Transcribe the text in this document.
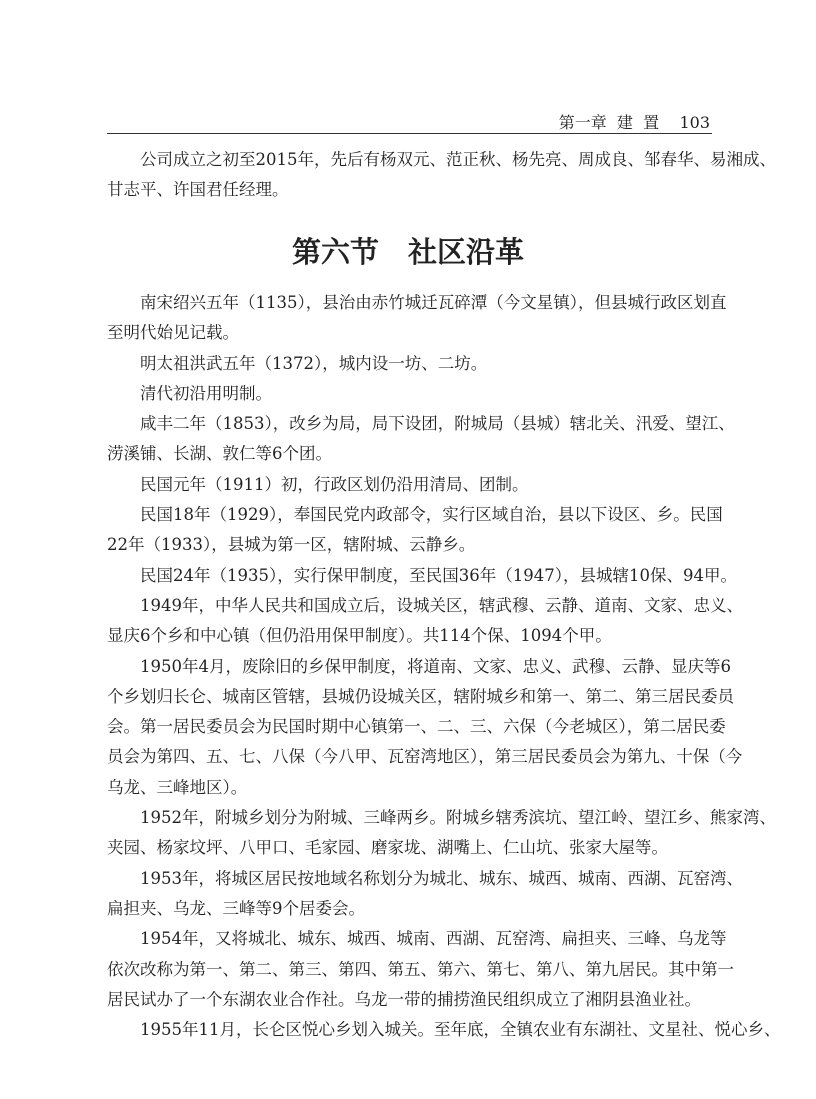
第一章  建  置 103
公司成立之初至2015年，先后有杨双元、范正秋、杨先亮、周成良、邹春华、易湘成、
甘志平、许国君任经理。
第六节　社区沿革
南宋绍兴五年（1135），县治由赤竹城迁瓦碎潭（今文星镇），但县城行政区划直
至明代始见记载。
明太祖洪武五年（1372），城内设一坊、二坊。
清代初沿用明制。
咸丰二年（1853），改乡为局，局下设团，附城局（县城）辖北关、汛爱、望江、
涝溪铺、长湖、敦仁等6个团。
民国元年（1911）初，行政区划仍沿用清局、团制。
民国18年（1929），奉国民党内政部令，实行区域自治，县以下设区、乡。民国
22年（1933），县城为第一区，辖附城、云静乡。
民国24年（1935），实行保甲制度，至民国36年（1947），县城辖10保、94甲。
1949年，中华人民共和国成立后，设城关区，辖武穆、云静、道南、文家、忠义、
显庆6个乡和中心镇（但仍沿用保甲制度）。共114个保、1094个甲。
1950年4月，废除旧的乡保甲制度，将道南、文家、忠义、武穆、云静、显庆等6
个乡划归长仑、城南区管辖，县城仍设城关区，辖附城乡和第一、第二、第三居民委员
会。第一居民委员会为民国时期中心镇第一、二、三、六保（今老城区），第二居民委
员会为第四、五、七、八保（今八甲、瓦窑湾地区），第三居民委员会为第九、十保（今
乌龙、三峰地区）。
1952年，附城乡划分为附城、三峰两乡。附城乡辖秀滨坑、望江岭、望江乡、熊家湾、
夹园、杨家坟坪、八甲口、毛家园、磨家垅、湖嘴上、仁山坑、张家大屋等。
1953年，将城区居民按地域名称划分为城北、城东、城西、城南、西湖、瓦窑湾、
扁担夹、乌龙、三峰等9个居委会。
1954年，又将城北、城东、城西、城南、西湖、瓦窑湾、扁担夹、三峰、乌龙等
依次改称为第一、第二、第三、第四、第五、第六、第七、第八、第九居民。其中第一
居民试办了一个东湖农业合作社。乌龙一带的捕捞渔民组织成立了湘阴县渔业社。
1955年11月，长仑区悦心乡划入城关。至年底，全镇农业有东湖社、文星社、悦心乡、
